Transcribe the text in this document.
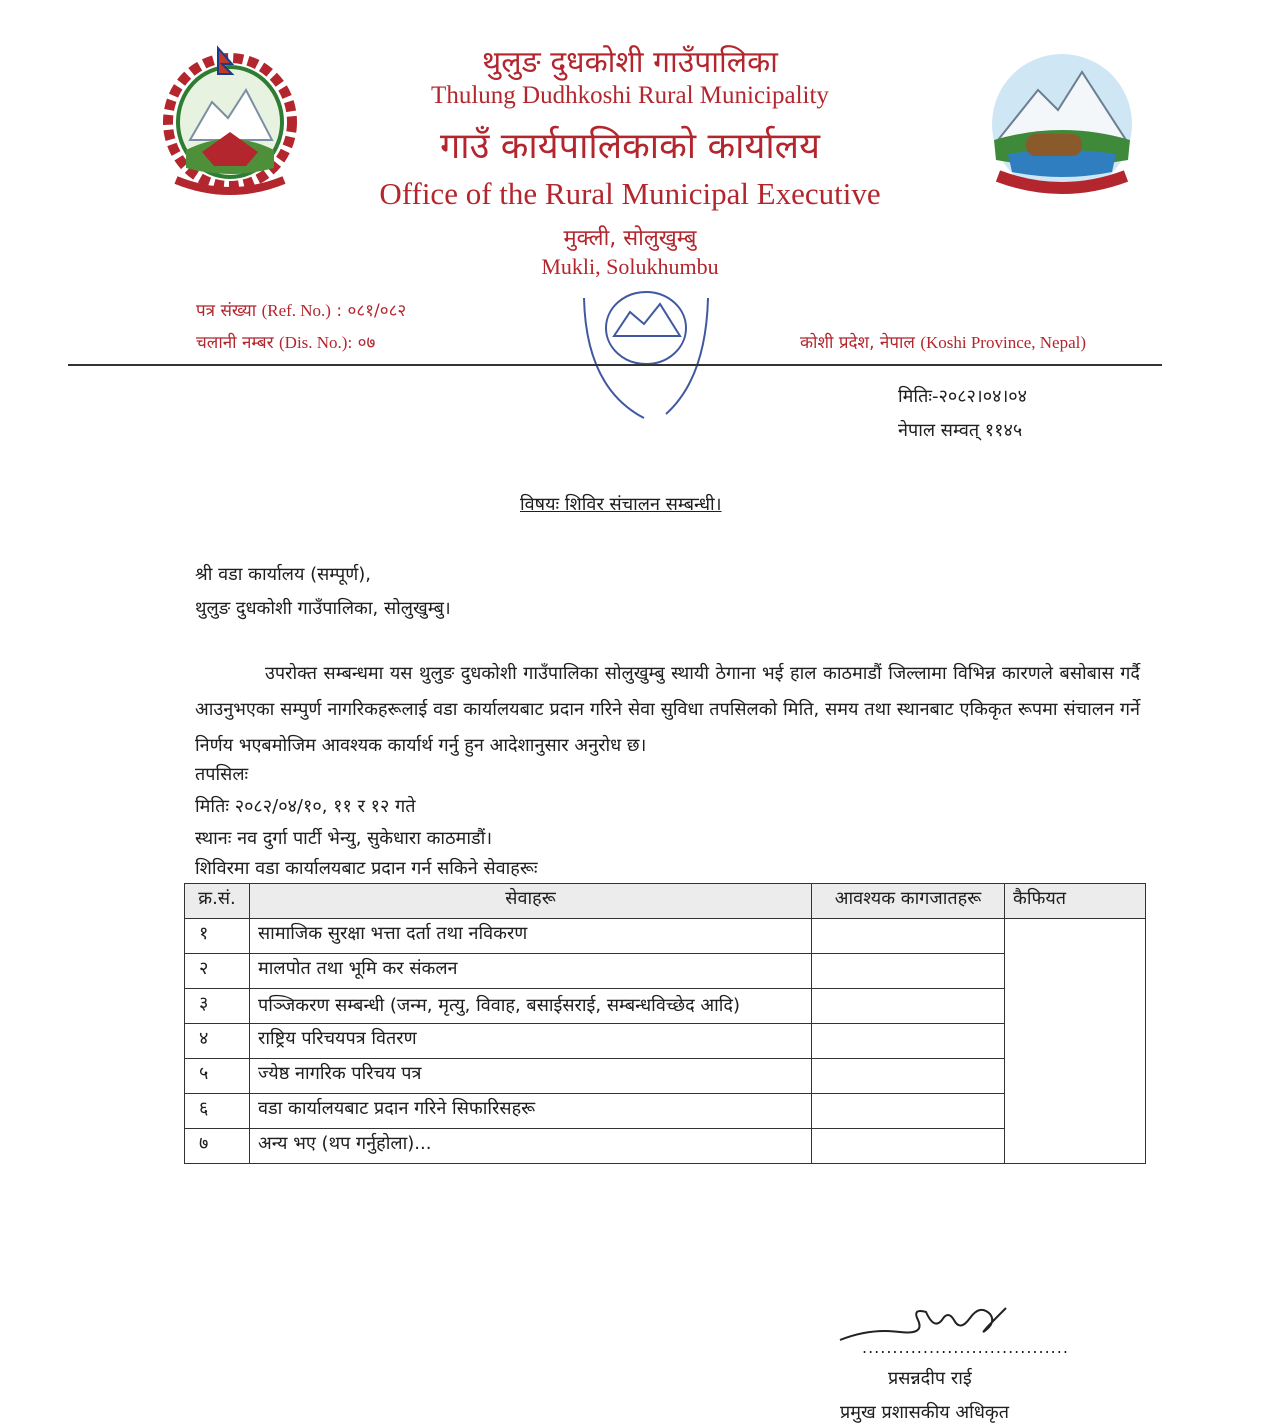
थुलुङ दुधकोशी गाउँपालिका
Thulung Dudhkoshi Rural Municipality
गाउँ कार्यपालिकाको कार्यालय
Office of the Rural Municipal Executive
मुक्ली, सोलुखुम्बु
Mukli, Solukhumbu
पत्र संख्या (Ref. No.) : ०८१/०८२
चलानी नम्बर (Dis. No.): ०७	कोशी प्रदेश, नेपाल (Koshi Province, Nepal)
मितिः-२०८२।०४।०४
नेपाल सम्वत् ११४५
विषयः शिविर संचालन सम्बन्धी।
श्री वडा कार्यालय (सम्पूर्ण),
थुलुङ दुधकोशी गाउँपालिका, सोलुखुम्बु।
उपरोक्त सम्बन्धमा यस थुलुङ दुधकोशी गाउँपालिका सोलुखुम्बु स्थायी ठेगाना भई हाल काठमाडौं जिल्लामा विभिन्न कारणले बसोबास गर्दै आउनुभएका सम्पुर्ण नागरिकहरूलाई वडा कार्यालयबाट प्रदान गरिने सेवा सुविधा तपसिलको मिति, समय तथा स्थानबाट एकिकृत रूपमा संचालन गर्ने निर्णय भएबमोजिम आवश्यक कार्यार्थ गर्नु हुन आदेशानुसार अनुरोध छ।
तपसिलः
मितिः २०८२/०४/१०, ११ र १२ गते
स्थानः नव दुर्गा पार्टी भेन्यु, सुकेधारा काठमाडौं।
शिविरमा वडा कार्यालयबाट प्रदान गर्न सकिने सेवाहरूः
क्र.सं.	सेवाहरू	आवश्यक कागजातहरू	कैफियत
१	सामाजिक सुरक्षा भत्ता दर्ता तथा नविकरण		
२	मालपोत तथा भूमि कर संकलन		
३	पञ्जिकरण सम्बन्धी (जन्म, मृत्यु, विवाह, बसाईसराई, सम्बन्धविच्छेद आदि)		
४	राष्ट्रिय परिचयपत्र वितरण		
५	ज्येष्ठ नागरिक परिचय पत्र		
६	वडा कार्यालयबाट प्रदान गरिने सिफारिसहरू		
७	अन्य भए (थप गर्नुहोला)...		
..................................
प्रसन्नदीप राई
प्रमुख प्रशासकीय अधिकृत
